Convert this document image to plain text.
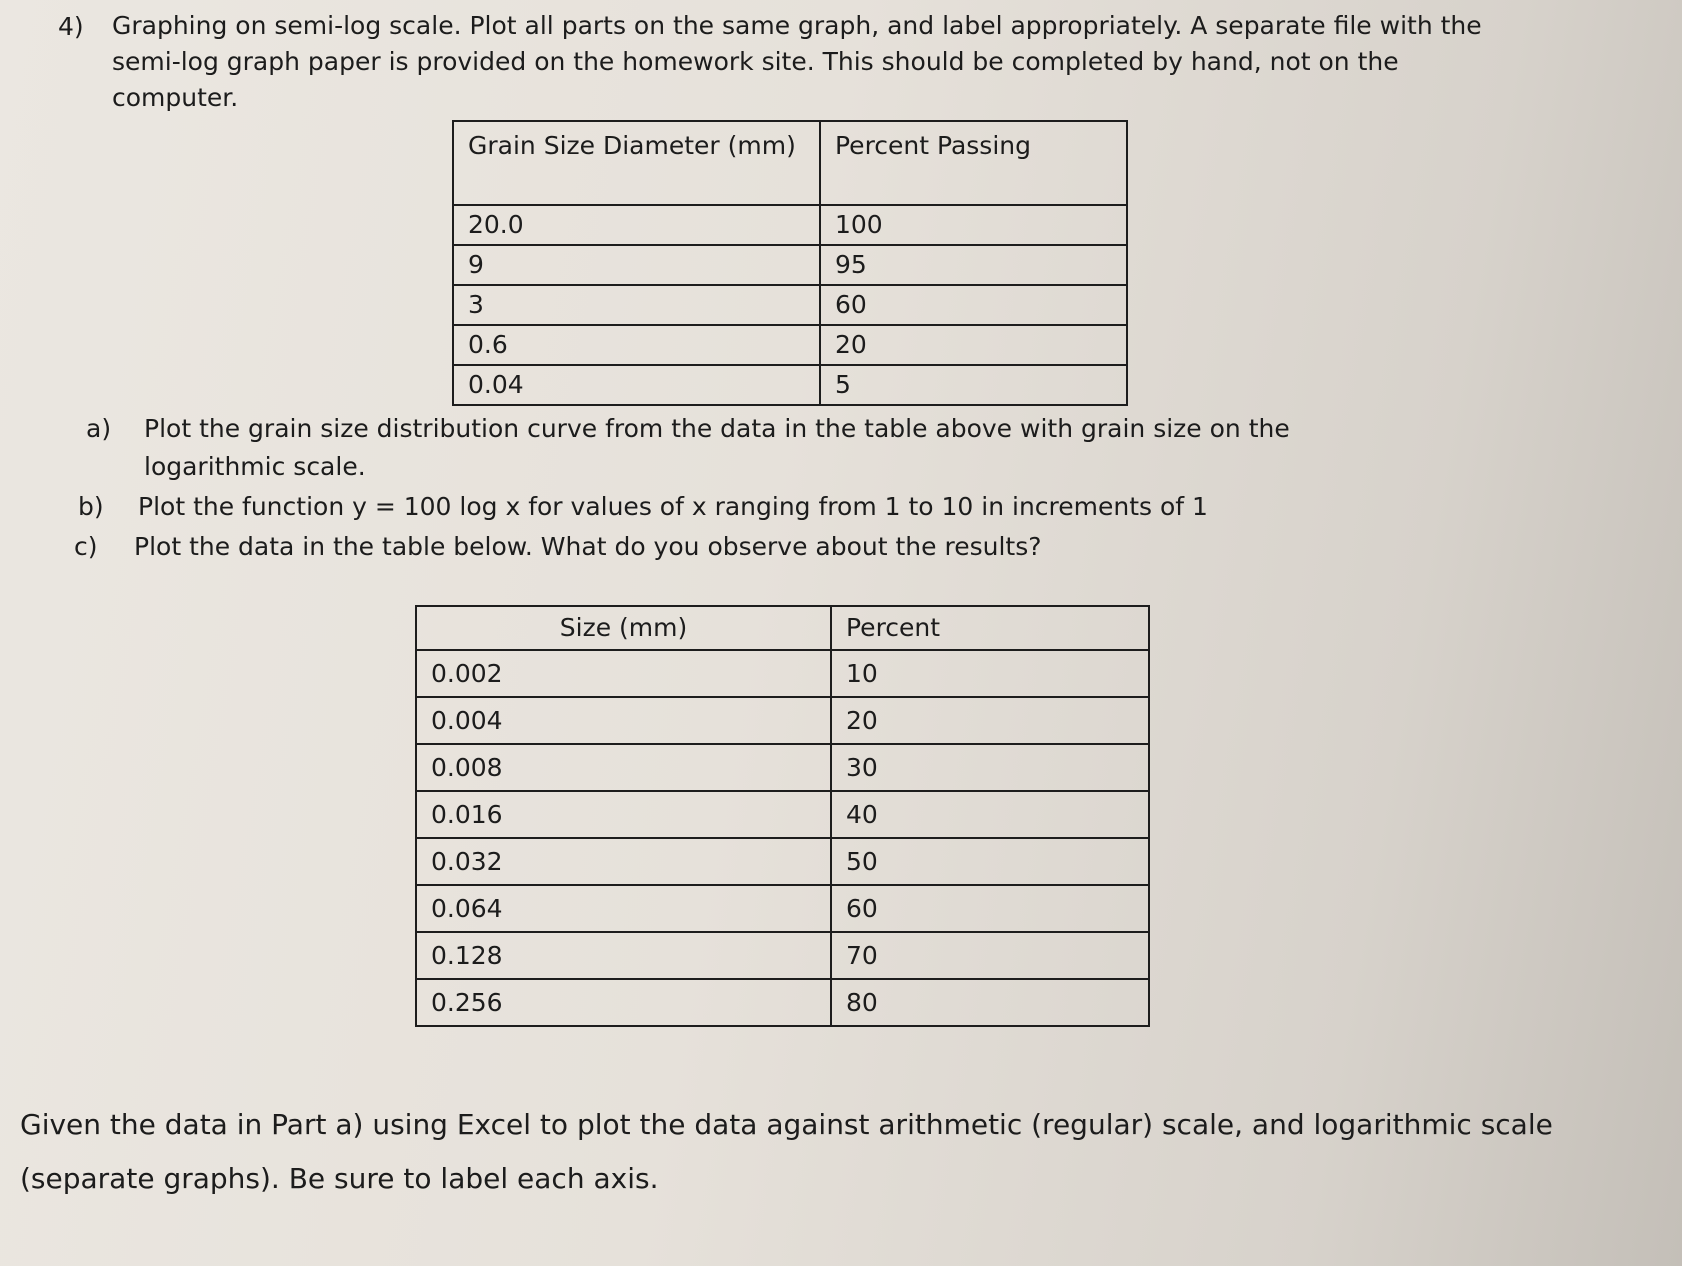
4) Graphing on semi-log scale. Plot all parts on the same graph, and label appropriately. A separate file with the semi-log graph paper is provided on the homework site. This should be completed by hand, not on the computer.
Grain Size Diameter (mm)	Percent Passing
20.0	100
9	95
3	60
0.6	20
0.04	5
a) Plot the grain size distribution curve from the data in the table above with grain size on the logarithmic scale.
b) Plot the function y = 100 log x for values of x ranging from 1 to 10 in increments of 1
c) Plot the data in the table below. What do you observe about the results?
Size (mm)	Percent
0.002	10
0.004	20
0.008	30
0.016	40
0.032	50
0.064	60
0.128	70
0.256	80
Given the data in Part a) using Excel to plot the data against arithmetic (regular) scale, and logarithmic scale (separate graphs). Be sure to label each axis.
